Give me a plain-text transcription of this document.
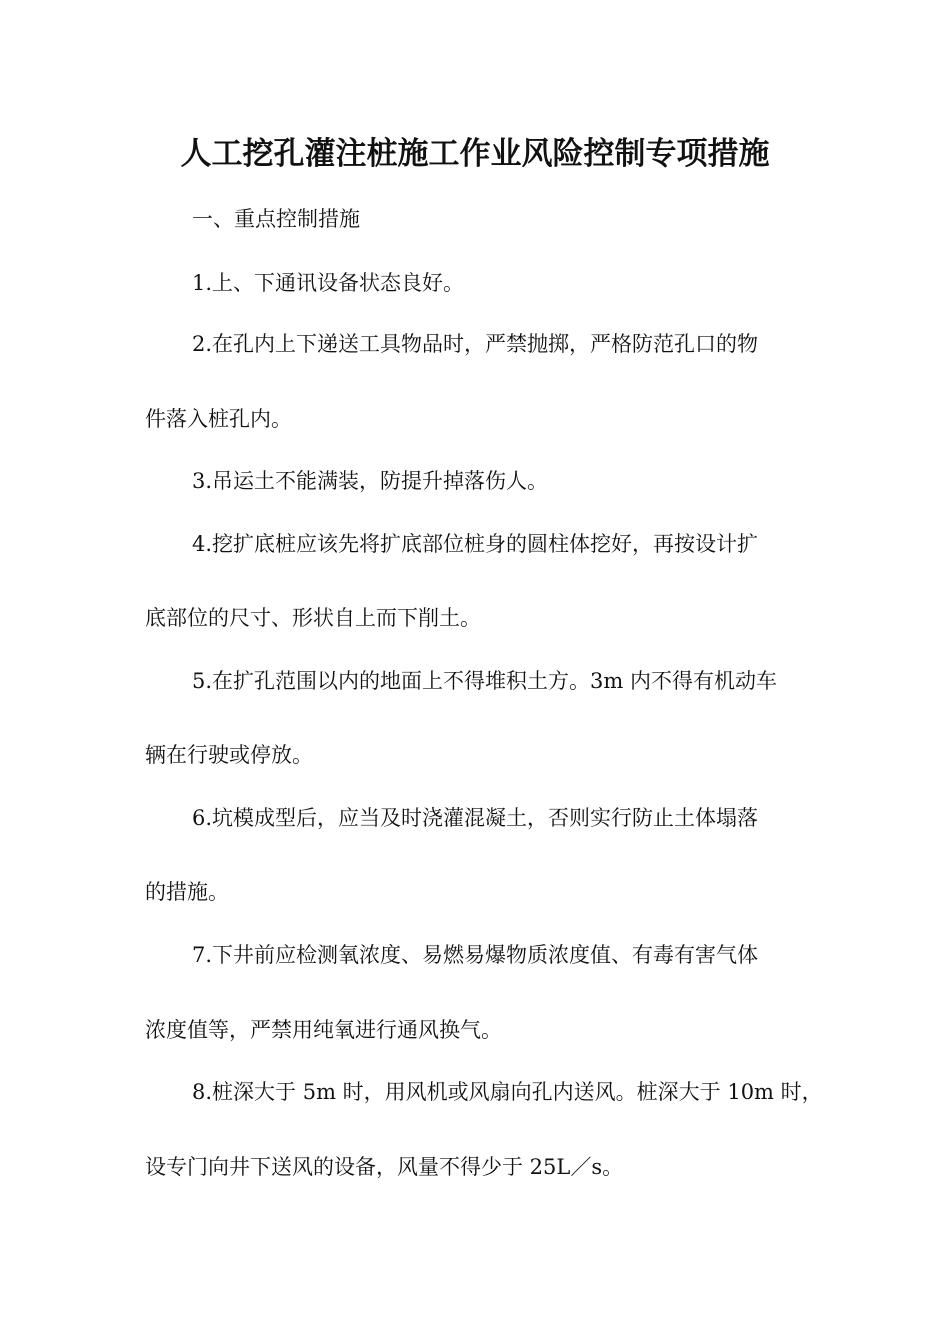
人工挖孔灌注桩施工作业风险控制专项措施
一、重点控制措施
1.上、下通讯设备状态良好。
2.在孔内上下递送工具物品时，严禁抛掷，严格防范孔口的物
件落入桩孔内。
3.吊运土不能满装，防提升掉落伤人。
4.挖扩底桩应该先将扩底部位桩身的圆柱体挖好，再按设计扩
底部位的尺寸、形状自上而下削土。
5.在扩孔范围以内的地面上不得堆积土方。3m 内不得有机动车
辆在行驶或停放。
6.坑模成型后，应当及时浇灌混凝土，否则实行防止土体塌落
的措施。
7.下井前应检测氧浓度、易燃易爆物质浓度值、有毒有害气体
浓度值等，严禁用纯氧进行通风换气。
8.桩深大于 5m 时，用风机或风扇向孔内送风。桩深大于 10m 时，
设专门向井下送风的设备，风量不得少于 25L／s。
